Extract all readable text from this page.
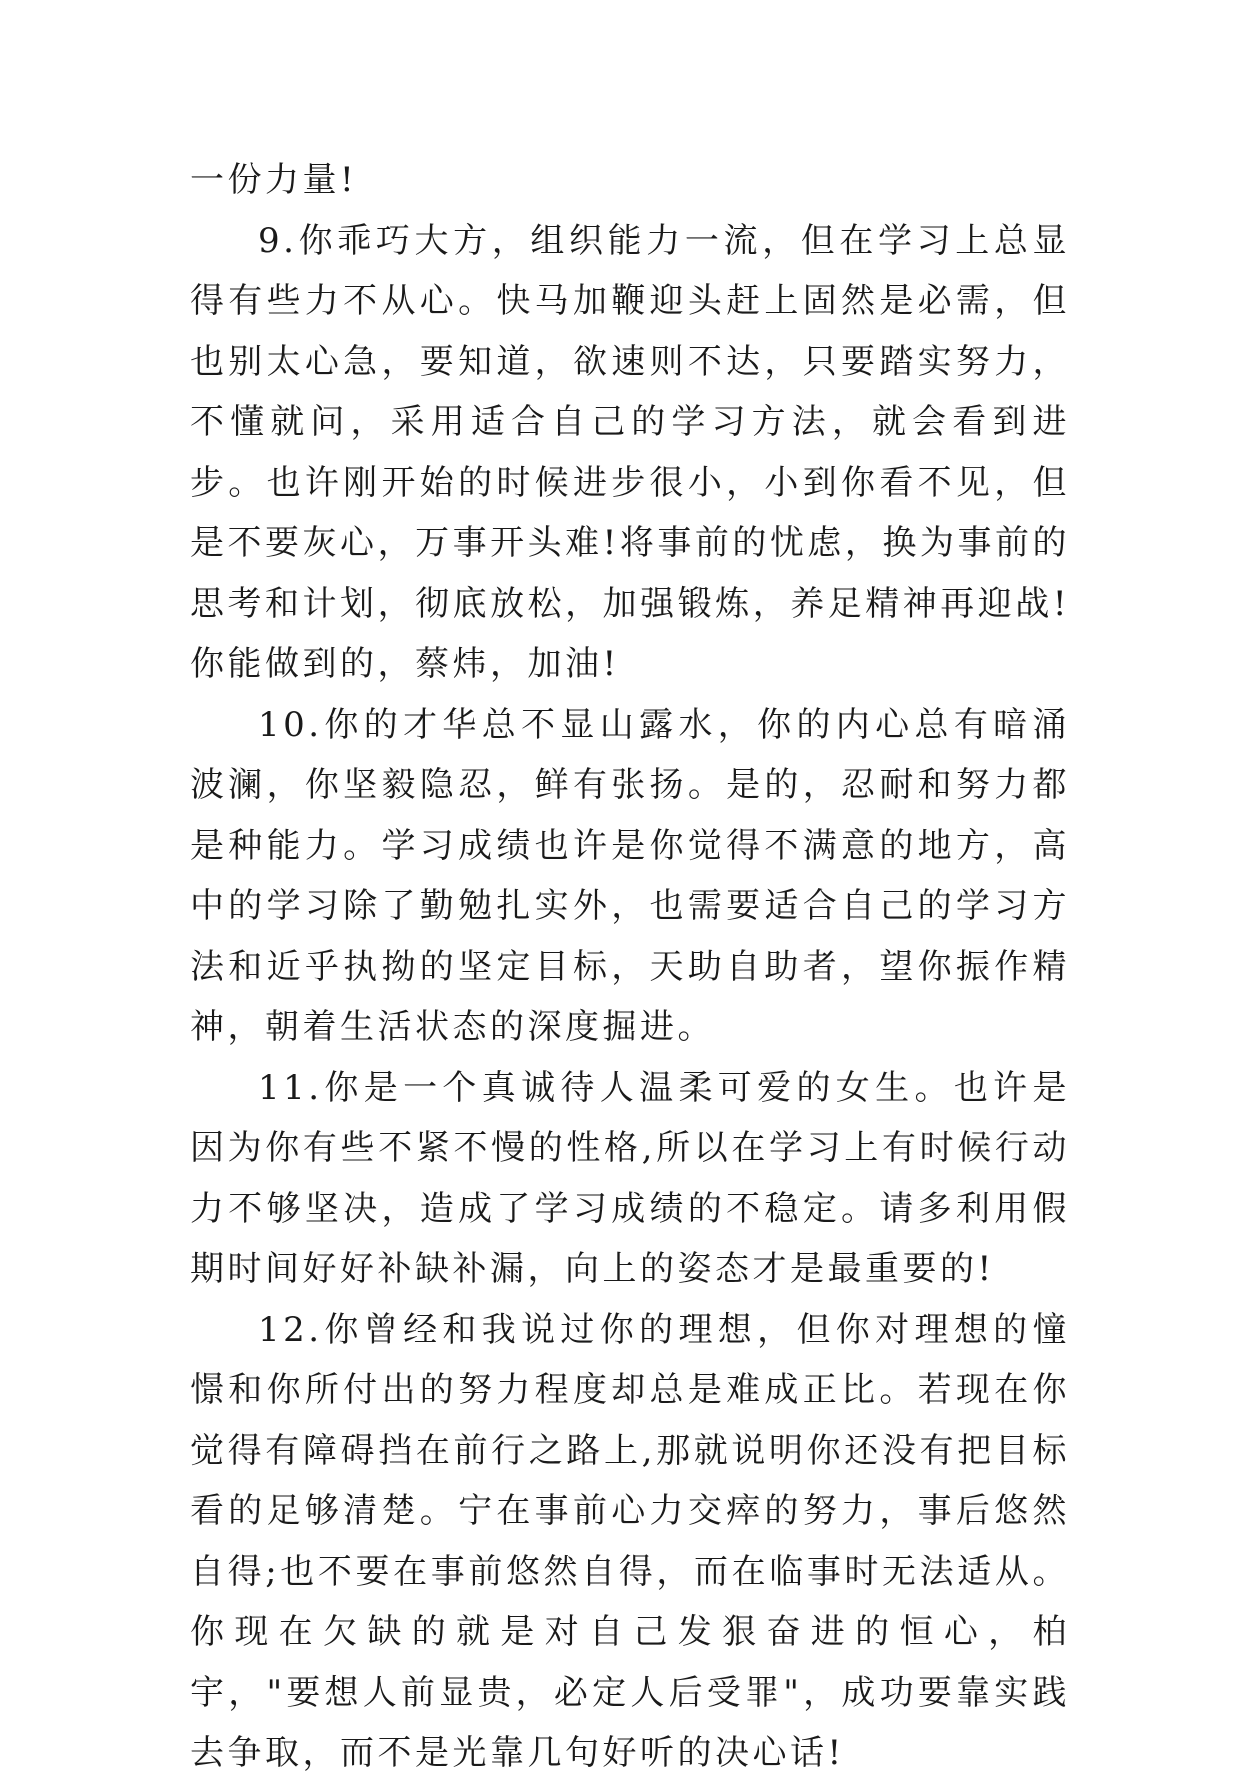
一份力量!

9.你乖巧大方，组织能力一流，但在学习上总显得有些力不从心。快马加鞭迎头赶上固然是必需，但也别太心急，要知道，欲速则不达，只要踏实努力，不懂就问，采用适合自己的学习方法，就会看到进步。也许刚开始的时候进步很小，小到你看不见，但是不要灰心，万事开头难!将事前的忧虑，换为事前的思考和计划，彻底放松，加强锻炼，养足精神再迎战!你能做到的，蔡炜，加油!

10.你的才华总不显山露水，你的内心总有暗涌波澜，你坚毅隐忍，鲜有张扬。是的，忍耐和努力都是种能力。学习成绩也许是你觉得不满意的地方，高中的学习除了勤勉扎实外，也需要适合自己的学习方法和近乎执拗的坚定目标，天助自助者，望你振作精神，朝着生活状态的深度掘进。

11.你是一个真诚待人温柔可爱的女生。也许是因为你有些不紧不慢的性格,所以在学习上有时候行动力不够坚决，造成了学习成绩的不稳定。请多利用假期时间好好补缺补漏，向上的姿态才是最重要的!

12.你曾经和我说过你的理想，但你对理想的憧憬和你所付出的努力程度却总是难成正比。若现在你觉得有障碍挡在前行之路上,那就说明你还没有把目标看的足够清楚。宁在事前心力交瘁的努力，事后悠然自得;也不要在事前悠然自得，而在临事时无法适从。你现在欠缺的就是对自己发狠奋进的恒心，柏宇，"要想人前显贵，必定人后受罪"，成功要靠实践去争取，而不是光靠几句好听的决心话!
